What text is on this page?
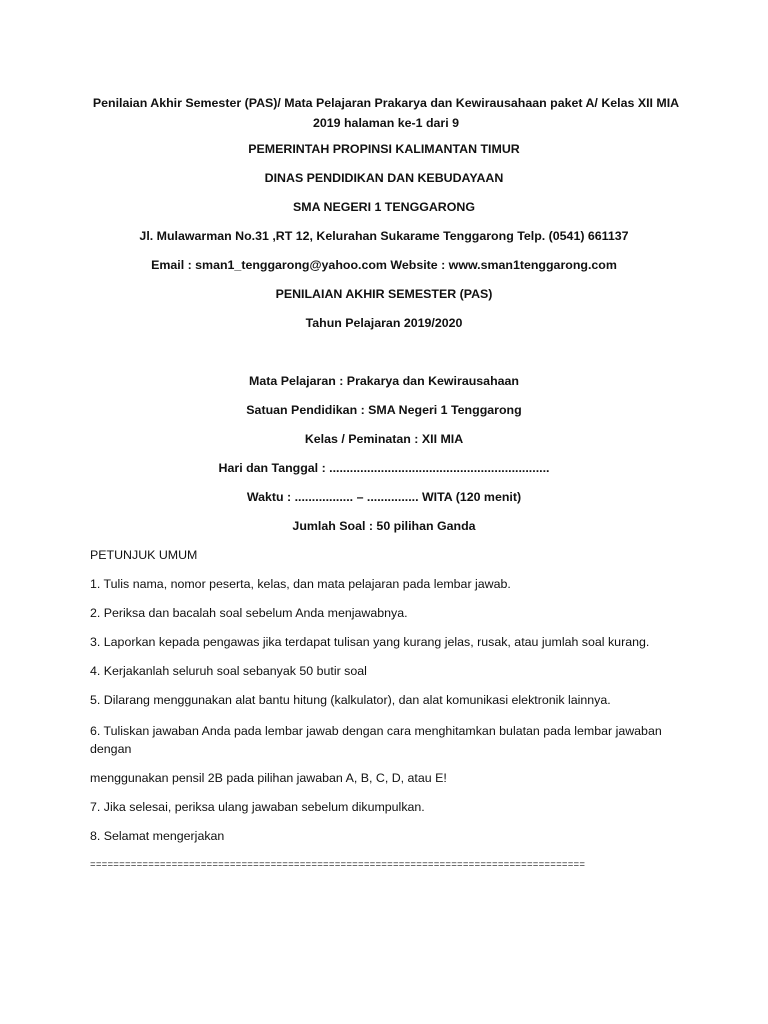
Penilaian Akhir Semester (PAS)/ Mata Pelajaran Prakarya dan Kewirausahaan paket A/ Kelas XII MIA 2019 halaman ke-1 dari 9
PEMERINTAH PROPINSI KALIMANTAN TIMUR
DINAS PENDIDIKAN DAN KEBUDAYAAN
SMA NEGERI 1 TENGGARONG
Jl. Mulawarman No.31 ,RT 12, Kelurahan Sukarame Tenggarong Telp. (0541) 661137
Email : sman1_tenggarong@yahoo.com Website : www.sman1tenggarong.com
PENILAIAN AKHIR SEMESTER (PAS)
Tahun Pelajaran 2019/2020
Mata Pelajaran : Prakarya dan Kewirausahaan
Satuan Pendidikan : SMA Negeri 1 Tenggarong
Kelas / Peminatan : XII MIA
Hari dan Tanggal : ................................................................
Waktu : ................. – ............... WITA (120 menit)
Jumlah Soal : 50 pilihan Ganda
PETUNJUK UMUM
1. Tulis nama, nomor peserta, kelas, dan mata pelajaran pada lembar jawab.
2. Periksa dan bacalah soal sebelum Anda menjawabnya.
3. Laporkan kepada pengawas jika terdapat tulisan yang kurang jelas, rusak, atau jumlah soal kurang.
4. Kerjakanlah seluruh soal sebanyak 50 butir soal
5. Dilarang menggunakan alat bantu hitung (kalkulator), dan alat komunikasi elektronik lainnya.
6. Tuliskan jawaban Anda pada lembar jawab dengan cara menghitamkan bulatan pada lembar jawaban dengan
menggunakan pensil 2B pada pilihan jawaban A, B, C, D, atau E!
7. Jika selesai, periksa ulang jawaban sebelum dikumpulkan.
8. Selamat mengerjakan
=====================================================================================
